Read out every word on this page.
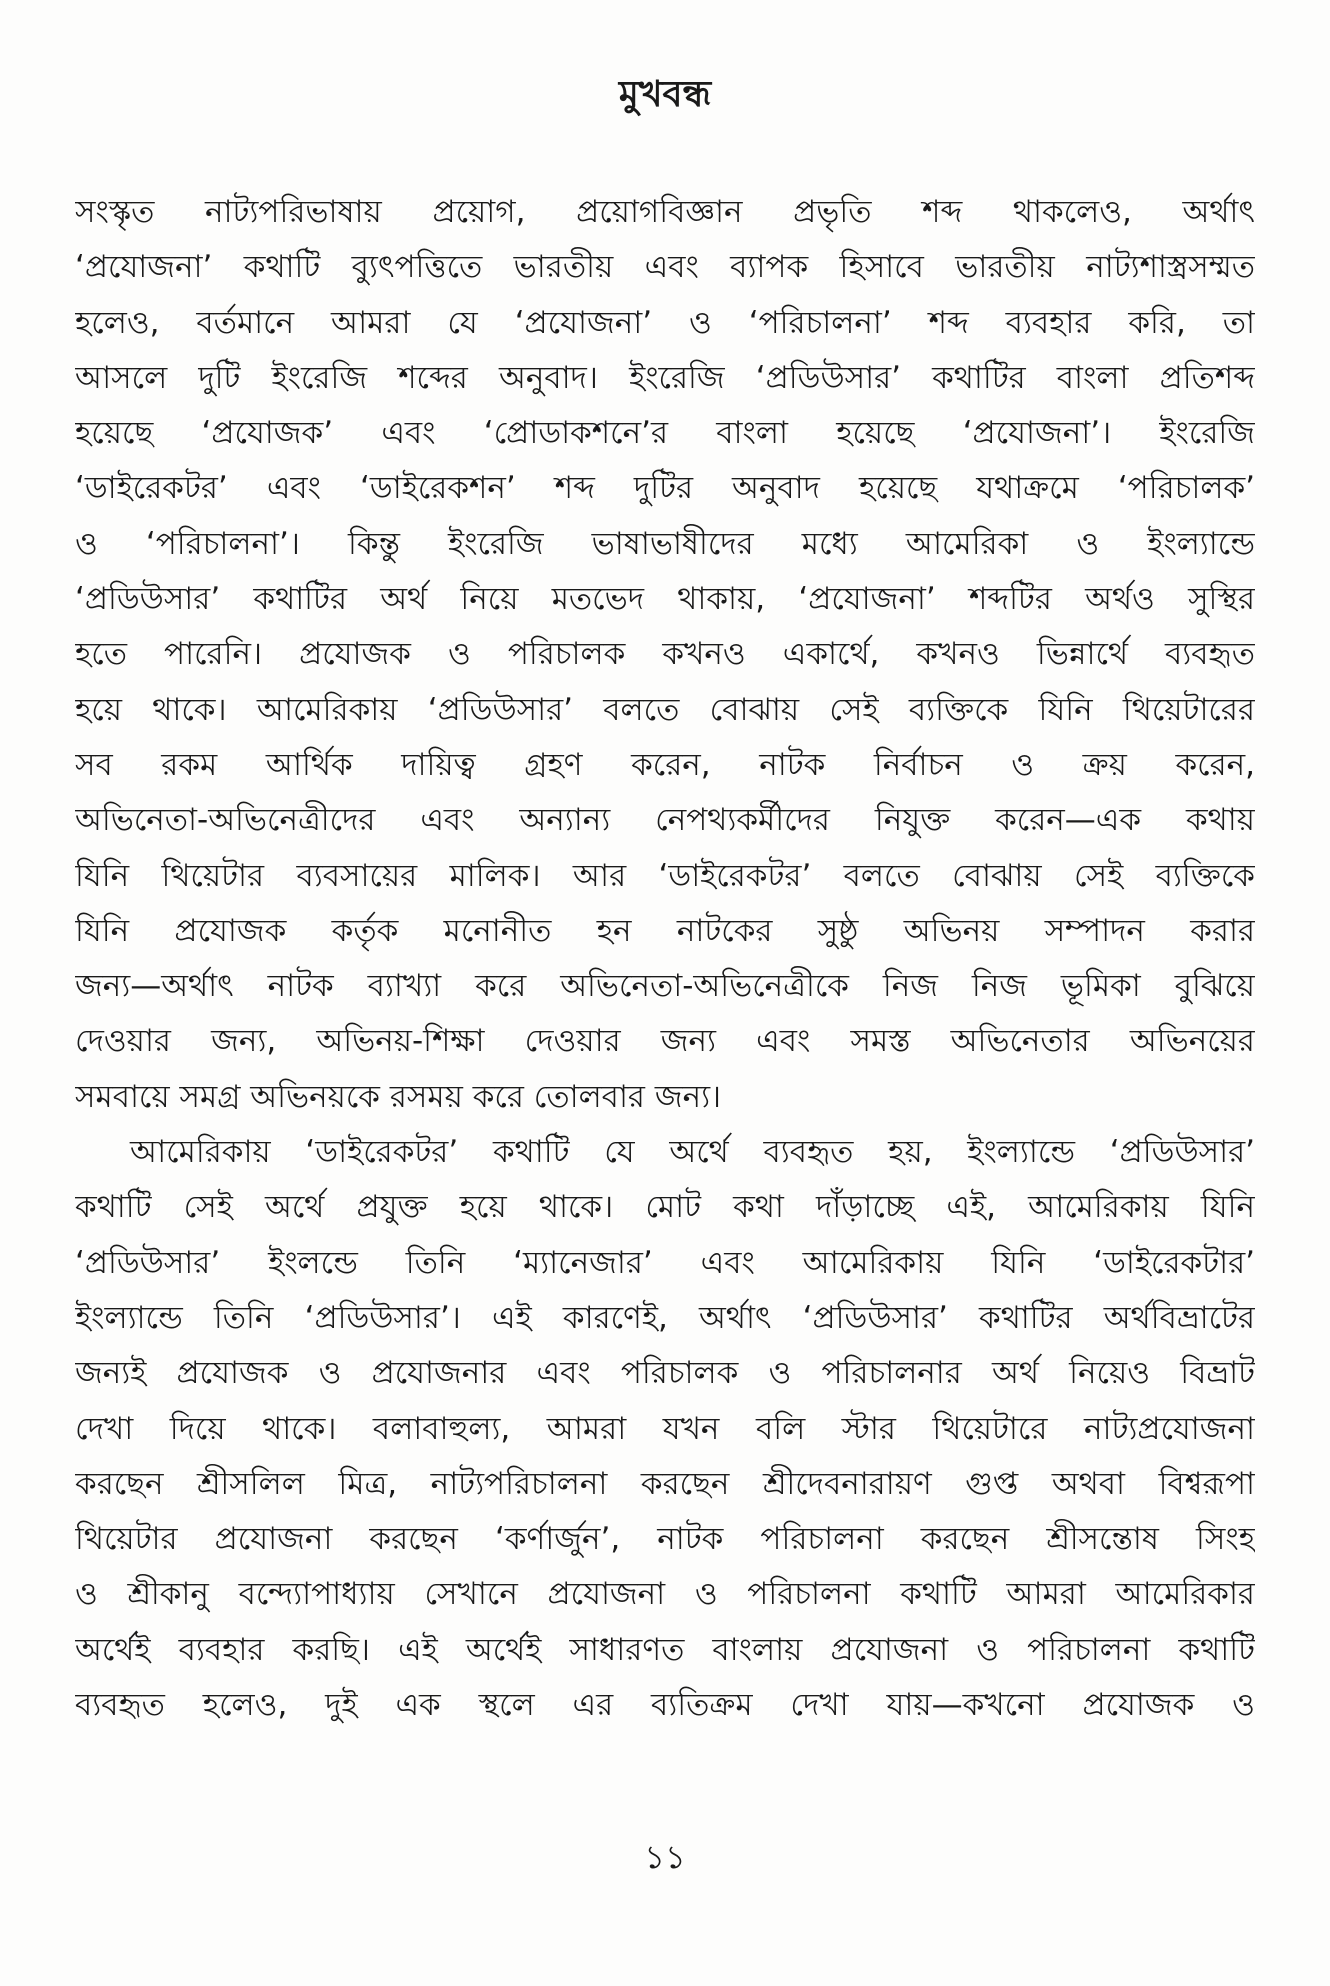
মুখবন্ধ
সংস্কৃত নাট্যপরিভাষায় প্রয়োগ, প্রয়োগবিজ্ঞান প্রভৃতি শব্দ থাকলেও, অর্থাৎ
‘প্রযোজনা’ কথাটি ব্যুৎপত্তিতে ভারতীয় এবং ব্যাপক হিসাবে ভারতীয় নাট্যশাস্ত্রসম্মত
হলেও, বর্তমানে আমরা যে ‘প্রযোজনা’ ও ‘পরিচালনা’ শব্দ ব্যবহার করি, তা
আসলে দুটি ইংরেজি শব্দের অনুবাদ। ইংরেজি ‘প্রডিউসার’ কথাটির বাংলা প্রতিশব্দ
হয়েছে ‘প্রযোজক’ এবং ‘প্রোডাকশনে’র বাংলা হয়েছে ‘প্রযোজনা’। ইংরেজি
‘ডাইরেকটর’ এবং ‘ডাইরেকশন’ শব্দ দুটির অনুবাদ হয়েছে যথাক্রমে ‘পরিচালক’
ও ‘পরিচালনা’। কিন্তু ইংরেজি ভাষাভাষীদের মধ্যে আমেরিকা ও ইংল্যান্ডে
‘প্রডিউসার’ কথাটির অর্থ নিয়ে মতভেদ থাকায়, ‘প্রযোজনা’ শব্দটির অর্থও সুস্থির
হতে পারেনি। প্রযোজক ও পরিচালক কখনও একার্থে, কখনও ভিন্নার্থে ব্যবহৃত
হয়ে থাকে। আমেরিকায় ‘প্রডিউসার’ বলতে বোঝায় সেই ব্যক্তিকে যিনি থিয়েটারের
সব রকম আর্থিক দায়িত্ব গ্রহণ করেন, নাটক নির্বাচন ও ক্রয় করেন,
অভিনেতা-অভিনেত্রীদের এবং অন্যান্য নেপথ্যকর্মীদের নিযুক্ত করেন—এক কথায়
যিনি থিয়েটার ব্যবসায়ের মালিক। আর ‘ডাইরেকটর’ বলতে বোঝায় সেই ব্যক্তিকে
যিনি প্রযোজক কর্তৃক মনোনীত হন নাটকের সুষ্ঠু অভিনয় সম্পাদন করার
জন্য—অর্থাৎ নাটক ব্যাখ্যা করে অভিনেতা-অভিনেত্রীকে নিজ নিজ ভূমিকা বুঝিয়ে
দেওয়ার জন্য, অভিনয়-শিক্ষা দেওয়ার জন্য এবং সমস্ত অভিনেতার অভিনয়ের
সমবায়ে সমগ্র অভিনয়কে রসময় করে তোলবার জন্য।
আমেরিকায় ‘ডাইরেকটর’ কথাটি যে অর্থে ব্যবহৃত হয়, ইংল্যান্ডে ‘প্রডিউসার’
কথাটি সেই অর্থে প্রযুক্ত হয়ে থাকে। মোট কথা দাঁড়াচ্ছে এই, আমেরিকায় যিনি
‘প্রডিউসার’ ইংলন্ডে তিনি ‘ম্যানেজার’ এবং আমেরিকায় যিনি ‘ডাইরেকটার’
ইংল্যান্ডে তিনি ‘প্রডিউসার’। এই কারণেই, অর্থাৎ ‘প্রডিউসার’ কথাটির অর্থবিভ্রাটের
জন্যই প্রযোজক ও প্রযোজনার এবং পরিচালক ও পরিচালনার অর্থ নিয়েও বিভ্রাট
দেখা দিয়ে থাকে। বলাবাহুল্য, আমরা যখন বলি স্টার থিয়েটারে নাট্যপ্রযোজনা
করছেন শ্রীসলিল মিত্র, নাট্যপরিচালনা করছেন শ্রীদেবনারায়ণ গুপ্ত অথবা বিশ্বরূপা
থিয়েটার প্রযোজনা করছেন ‘কর্ণার্জুন’, নাটক পরিচালনা করছেন শ্রীসন্তোষ সিংহ
ও শ্রীকানু বন্দ্যোপাধ্যায় সেখানে প্রযোজনা ও পরিচালনা কথাটি আমরা আমেরিকার
অর্থেই ব্যবহার করছি। এই অর্থেই সাধারণত বাংলায় প্রযোজনা ও পরিচালনা কথাটি
ব্যবহৃত হলেও, দুই এক স্থলে এর ব্যতিক্রম দেখা যায়—কখনো প্রযোজক ও
১১
